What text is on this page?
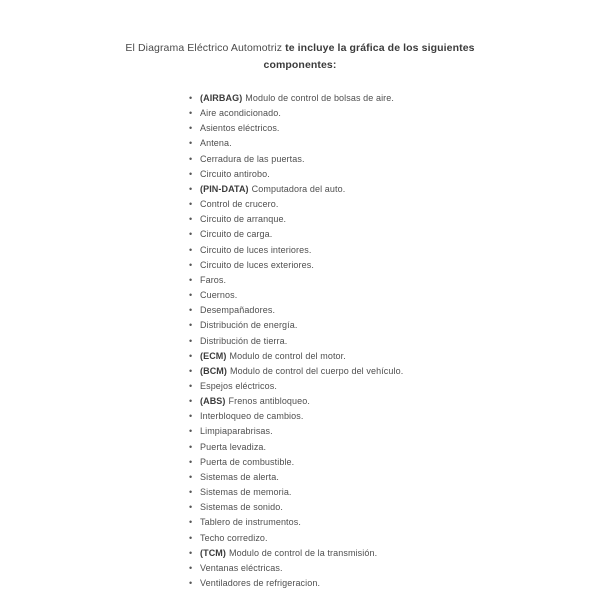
El Diagrama Eléctrico Automotriz te incluye la gráfica de los siguientes
componentes:
• (AIRBAG) Modulo de control de bolsas de aire.
• Aire acondicionado.
• Asientos eléctricos.
• Antena.
• Cerradura de las puertas.
• Circuito antirobo.
• (PIN-DATA) Computadora del auto.
• Control de crucero.
• Circuito de arranque.
• Circuito de carga.
• Circuito de luces interiores.
• Circuito de luces exteriores.
• Faros.
• Cuernos.
• Desempañadores.
• Distribución de energía.
• Distribución de tierra.
• (ECM) Modulo de control del motor.
• (BCM) Modulo de control del cuerpo del vehículo.
• Espejos eléctricos.
• (ABS) Frenos antibloqueo.
• Interbloqueo de cambios.
• Limpiaparabrisas.
• Puerta levadiza.
• Puerta de combustible.
• Sistemas de alerta.
• Sistemas de memoria.
• Sistemas de sonido.
• Tablero de instrumentos.
• Techo corredizo.
• (TCM) Modulo de control de la transmisión.
• Ventanas eléctricas.
• Ventiladores de refrigeracion.
